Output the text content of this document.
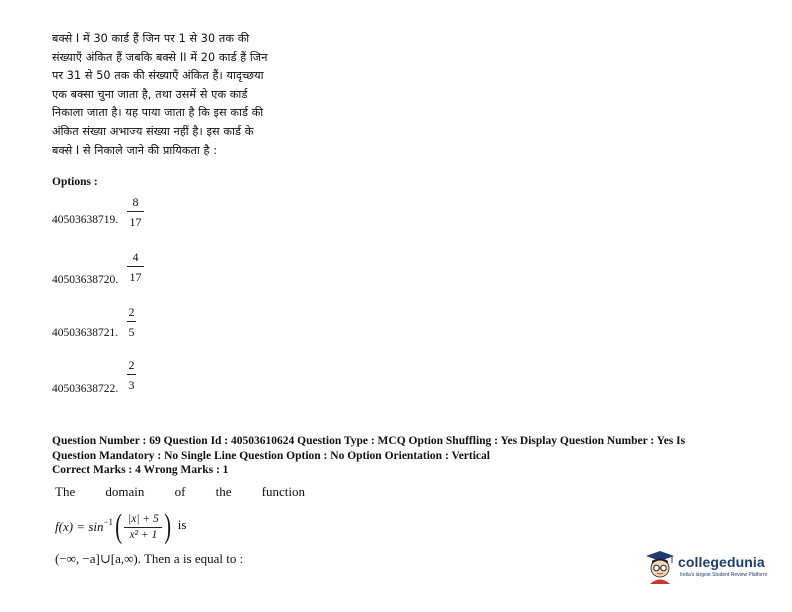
बक्से I में 30 कार्ड हैं जिन पर 1 से 30 तक की
संख्याएँ अंकित हैं जबकि बक्से II में 20 कार्ड हैं जिन
पर 31 से 50 तक की संख्याएँ अंकित हैं। यादृच्छया
एक बक्सा चुना जाता है, तथा उसमें से एक कार्ड
निकाला जाता है। यह पाया जाता है कि इस कार्ड की
अंकित संख्या अभाज्य संख्या नहीं है। इस कार्ड के
बक्से I से निकाले जाने की प्रायिकता है :
Options :
8
17
40503638719.
4
17
40503638720.
2
5
40503638721.
2
3
40503638722.
Question Number : 69 Question Id : 40503610624 Question Type : MCQ Option Shuffling : Yes Display Question Number : Yes Is
Question Mandatory : No Single Line Question Option : No Option Orientation : Vertical
Correct Marks : 4 Wrong Marks : 1
The domain of the function
$f(x) = \sin^{-1}$ ( $\frac{|x| + 5}{\text{x² + 1}}$ ) is
(−∞, −a]∪[a,∞). Then a is equal to :	collegedunia
India's largest Student Review Platform
